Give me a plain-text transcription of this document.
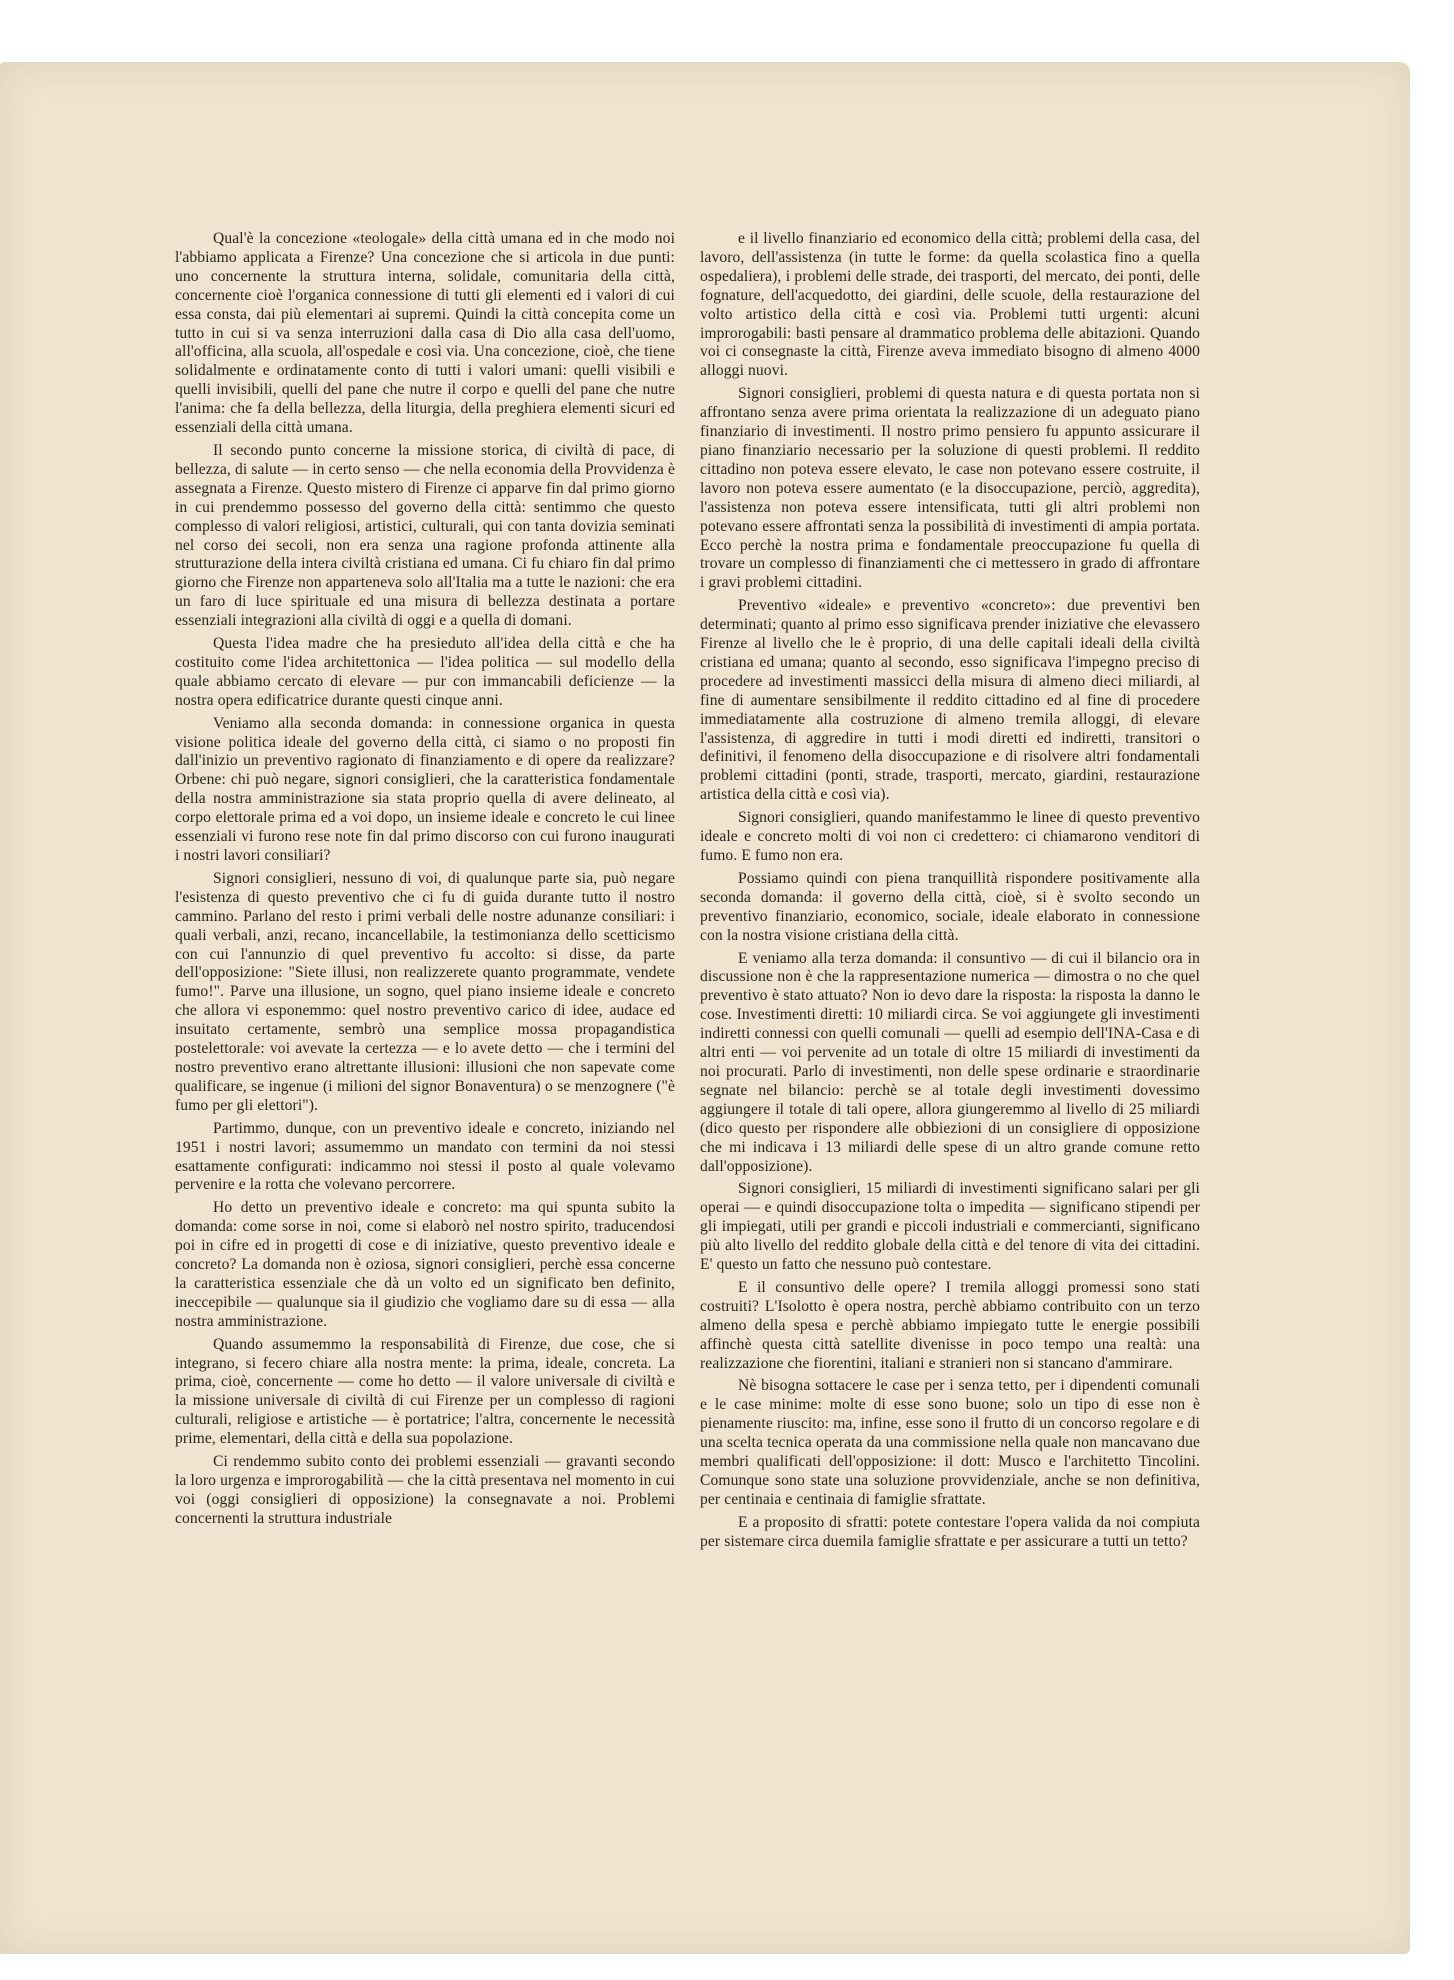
Qual'è la concezione «teologale» della città umana ed in che modo noi l'abbiamo applicata a Firenze? Una concezione che si articola in due punti: uno concernente la struttura interna, solidale, comunitaria della città, concernente cioè l'organica connessione di tutti gli elementi ed i valori di cui essa consta, dai più elementari ai supremi. Quindi la città concepita come un tutto in cui si va senza interruzioni dalla casa di Dio alla casa dell'uomo, all'officina, alla scuola, all'ospedale e così via. Una concezione, cioè, che tiene solidalmente e ordinatamente conto di tutti i valori umani: quelli visibili e quelli invisibili, quelli del pane che nutre il corpo e quelli del pane che nutre l'anima: che fa della bellezza, della liturgia, della preghiera elementi sicuri ed essenziali della città umana.

Il secondo punto concerne la missione storica, di civiltà di pace, di bellezza, di salute — in certo senso — che nella economia della Provvidenza è assegnata a Firenze. Questo mistero di Firenze ci apparve fin dal primo giorno in cui prendemmo possesso del governo della città: sentimmo che questo complesso di valori religiosi, artistici, culturali, qui con tanta dovizia seminati nel corso dei secoli, non era senza una ragione profonda attinente alla strutturazione della intera civiltà cristiana ed umana. Ci fu chiaro fin dal primo giorno che Firenze non apparteneva solo all'Italia ma a tutte le nazioni: che era un faro di luce spirituale ed una misura di bellezza destinata a portare essenziali integrazioni alla civiltà di oggi e a quella di domani.

Questa l'idea madre che ha presieduto all'idea della città e che ha costituito come l'idea architettonica — l'idea politica — sul modello della quale abbiamo cercato di elevare — pur con immancabili deficienze — la nostra opera edificatrice durante questi cinque anni.

Veniamo alla seconda domanda: in connessione organica in questa visione politica ideale del governo della città, ci siamo o no proposti fin dall'inizio un preventivo ragionato di finanziamento e di opere da realizzare? Orbene: chi può negare, signori consiglieri, che la caratteristica fondamentale della nostra amministrazione sia stata proprio quella di avere delineato, al corpo elettorale prima ed a voi dopo, un insieme ideale e concreto le cui linee essenziali vi furono rese note fin dal primo discorso con cui furono inaugurati i nostri lavori consiliari?

Signori consiglieri, nessuno di voi, di qualunque parte sia, può negare l'esistenza di questo preventivo che ci fu di guida durante tutto il nostro cammino. Parlano del resto i primi verbali delle nostre adunanze consiliari: i quali verbali, anzi, recano, incancellabile, la testimonianza dello scetticismo con cui l'annunzio di quel preventivo fu accolto: si disse, da parte dell'opposizione: "Siete illusi, non realizzerete quanto programmate, vendete fumo!". Parve una illusione, un sogno, quel piano insieme ideale e concreto che allora vi esponemmo: quel nostro preventivo carico di idee, audace ed insuitato certamente, sembrò una semplice mossa propagandistica postelettorale: voi avevate la certezza — e lo avete detto — che i termini del nostro preventivo erano altrettante illusioni: illusioni che non sapevate come qualificare, se ingenue (i milioni del signor Bonaventura) o se menzognere ("è fumo per gli elettori").

Partimmo, dunque, con un preventivo ideale e concreto, iniziando nel 1951 i nostri lavori; assumemmo un mandato con termini da noi stessi esattamente configurati: indicammo noi stessi il posto al quale volevamo pervenire e la rotta che volevano percorrere.

Ho detto un preventivo ideale e concreto: ma qui spunta subito la domanda: come sorse in noi, come si elaborò nel nostro spirito, traducendosi poi in cifre ed in progetti di cose e di iniziative, questo preventivo ideale e concreto? La domanda non è oziosa, signori consiglieri, perchè essa concerne la caratteristica essenziale che dà un volto ed un significato ben definito, ineccepibile — qualunque sia il giudizio che vogliamo dare su di essa — alla nostra amministrazione.

Quando assumemmo la responsabilità di Firenze, due cose, che si integrano, si fecero chiare alla nostra mente: la prima, ideale, concreta. La prima, cioè, concernente — come ho detto — il valore universale di civiltà e la missione universale di civiltà di cui Firenze per un complesso di ragioni culturali, religiose e artistiche — è portatrice; l'altra, concernente le necessità prime, elementari, della città e della sua popolazione.

Ci rendemmo subito conto dei problemi essenziali — gravanti secondo la loro urgenza e improrogabilità — che la città presentava nel momento in cui voi (oggi consiglieri di opposizione) la consegnavate a noi. Problemi concernenti la struttura industriale

e il livello finanziario ed economico della città; problemi della casa, del lavoro, dell'assistenza (in tutte le forme: da quella scolastica fino a quella ospedaliera), i problemi delle strade, dei trasporti, del mercato, dei ponti, delle fognature, dell'acquedotto, dei giardini, delle scuole, della restaurazione del volto artistico della città e così via. Problemi tutti urgenti: alcuni improrogabili: basti pensare al drammatico problema delle abitazioni. Quando voi ci consegnaste la città, Firenze aveva immediato bisogno di almeno 4000 alloggi nuovi.

Signori consiglieri, problemi di questa natura e di questa portata non si affrontano senza avere prima orientata la realizzazione di un adeguato piano finanziario di investimenti. Il nostro primo pensiero fu appunto assicurare il piano finanziario necessario per la soluzione di questi problemi. Il reddito cittadino non poteva essere elevato, le case non potevano essere costruite, il lavoro non poteva essere aumentato (e la disoccupazione, perciò, aggredita), l'assistenza non poteva essere intensificata, tutti gli altri problemi non potevano essere affrontati senza la possibilità di investimenti di ampia portata. Ecco perchè la nostra prima e fondamentale preoccupazione fu quella di trovare un complesso di finanziamenti che ci mettessero in grado di affrontare i gravi problemi cittadini.

Preventivo «ideale» e preventivo «concreto»: due preventivi ben determinati; quanto al primo esso significava prender iniziative che elevassero Firenze al livello che le è proprio, di una delle capitali ideali della civiltà cristiana ed umana; quanto al secondo, esso significava l'impegno preciso di procedere ad investimenti massicci della misura di almeno dieci miliardi, al fine di aumentare sensibilmente il reddito cittadino ed al fine di procedere immediatamente alla costruzione di almeno tremila alloggi, di elevare l'assistenza, di aggredire in tutti i modi diretti ed indiretti, transitori o definitivi, il fenomeno della disoccupazione e di risolvere altri fondamentali problemi cittadini (ponti, strade, trasporti, mercato, giardini, restaurazione artistica della città e così via).

Signori consiglieri, quando manifestammo le linee di questo preventivo ideale e concreto molti di voi non ci credettero: ci chiamarono venditori di fumo. E fumo non era.

Possiamo quindi con piena tranquillità rispondere positivamente alla seconda domanda: il governo della città, cioè, si è svolto secondo un preventivo finanziario, economico, sociale, ideale elaborato in connessione con la nostra visione cristiana della città.

E veniamo alla terza domanda: il consuntivo — di cui il bilancio ora in discussione non è che la rappresentazione numerica — dimostra o no che quel preventivo è stato attuato? Non io devo dare la risposta: la risposta la danno le cose. Investimenti diretti: 10 miliardi circa. Se voi aggiungete gli investimenti indiretti connessi con quelli comunali — quelli ad esempio dell'INA-Casa e di altri enti — voi pervenite ad un totale di oltre 15 miliardi di investimenti da noi procurati. Parlo di investimenti, non delle spese ordinarie e straordinarie segnate nel bilancio: perchè se al totale degli investimenti dovessimo aggiungere il totale di tali opere, allora giungeremmo al livello di 25 miliardi (dico questo per rispondere alle obbiezioni di un consigliere di opposizione che mi indicava i 13 miliardi delle spese di un altro grande comune retto dall'opposizione).

Signori consiglieri, 15 miliardi di investimenti significano salari per gli operai — e quindi disoccupazione tolta o impedita — significano stipendi per gli impiegati, utili per grandi e piccoli industriali e commercianti, significano più alto livello del reddito globale della città e del tenore di vita dei cittadini. E' questo un fatto che nessuno può contestare.

E il consuntivo delle opere? I tremila alloggi promessi sono stati costruiti? L'Isolotto è opera nostra, perchè abbiamo contribuito con un terzo almeno della spesa e perchè abbiamo impiegato tutte le energie possibili affinchè questa città satellite divenisse in poco tempo una realtà: una realizzazione che fiorentini, italiani e stranieri non si stancano d'ammirare.

Nè bisogna sottacere le case per i senza tetto, per i dipendenti comunali e le case minime: molte di esse sono buone; solo un tipo di esse non è pienamente riuscito: ma, infine, esse sono il frutto di un concorso regolare e di una scelta tecnica operata da una commissione nella quale non mancavano due membri qualificati dell'opposizione: il dott: Musco e l'architetto Tincolini. Comunque sono state una soluzione provvidenziale, anche se non definitiva, per centinaia e centinaia di famiglie sfrattate.

E a proposito di sfratti: potete contestare l'opera valida da noi compiuta per sistemare circa duemila famiglie sfrattate e per assicurare a tutti un tetto?
